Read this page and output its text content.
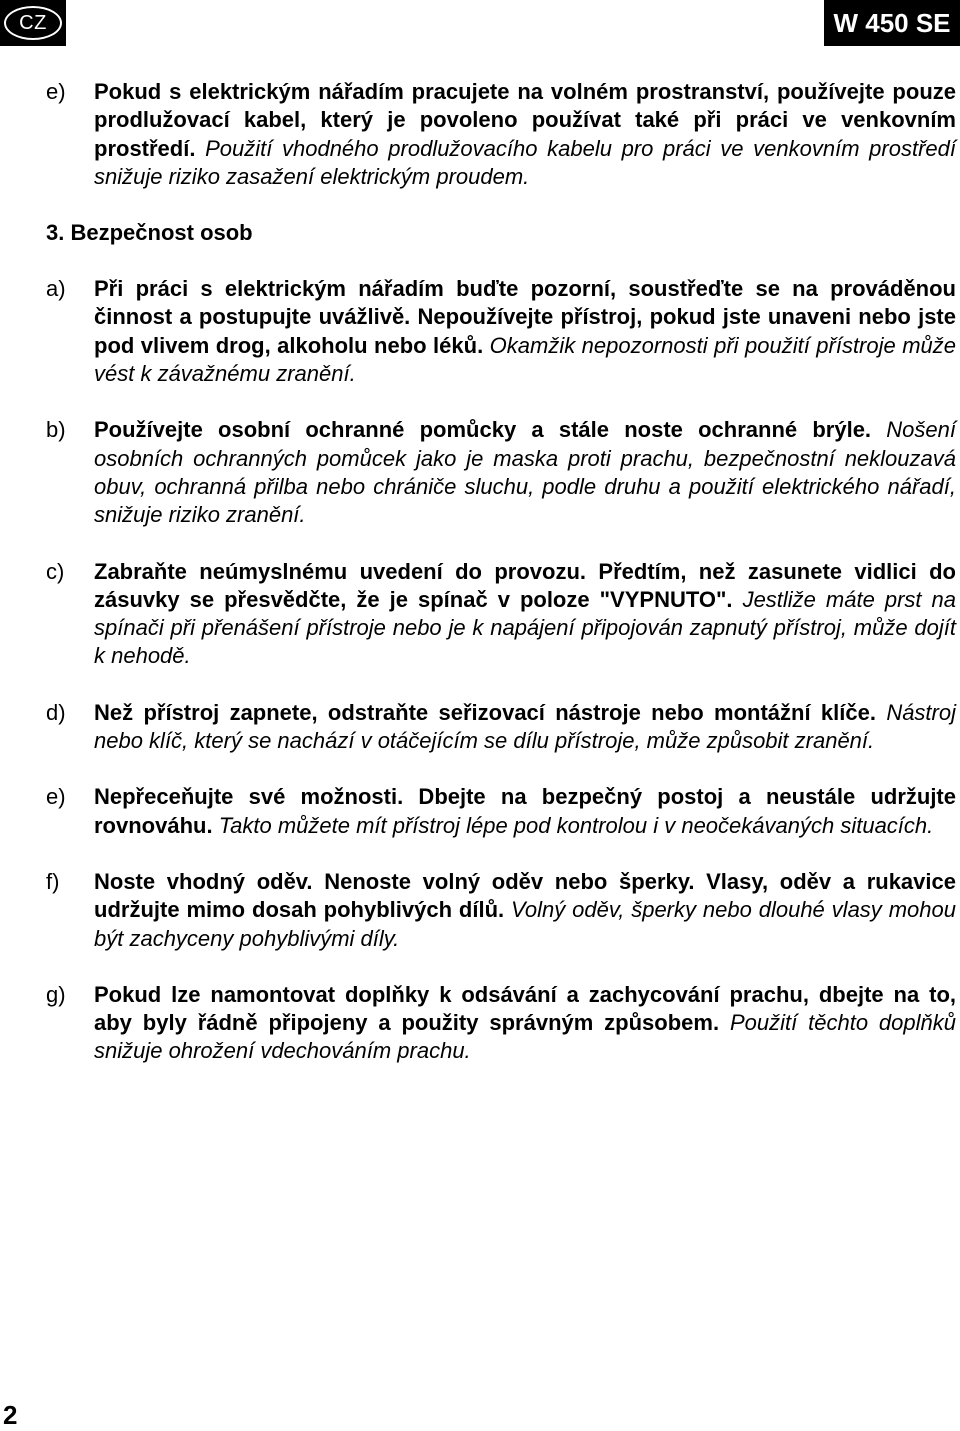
CZ	W 450 SE
e)	Pokud s elektrickým nářadím pracujete na volném prostranství, používejte pouze prodlužovací kabel, který je povoleno používat také při práci ve venkovním prostředí. Použití vhodného prodlužovacího kabelu pro práci ve venkovním prostředí snižuje riziko zasažení elektrickým proudem.
3. Bezpečnost osob
a)	Při práci s elektrickým nářadím buďte pozorní, soustřeďte se na prováděnou činnost a postupujte uvážlivě. Nepoužívejte přístroj, pokud jste unaveni nebo jste pod vlivem drog, alkoholu nebo léků. Okamžik nepozornosti při použití přístroje může vést k závažnému zranění.
b)	Používejte osobní ochranné pomůcky a stále noste ochranné brýle. Nošení osobních ochranných pomůcek jako je maska proti prachu, bezpečnostní neklouzavá obuv, ochranná přilba nebo chrániče sluchu, podle druhu a použití elektrického nářadí, snižuje riziko zranění.
c)	Zabraňte neúmyslnému uvedení do provozu. Předtím, než zasunete vidlici do zásuvky se přesvědčte, že je spínač v poloze "VYPNUTO". Jestliže máte prst na spínači při přenášení přístroje nebo je k napájení připojován zapnutý přístroj, může dojít k nehodě.
d)	Než přístroj zapnete, odstraňte seřizovací nástroje nebo montážní klíče. Nástroj nebo klíč, který se nachází v otáčejícím se dílu přístroje, může způsobit zranění.
e)	Nepřeceňujte své možnosti. Dbejte na bezpečný postoj a neustále udržujte rovnováhu. Takto můžete mít přístroj lépe pod kontrolou i v neočekávaných situacích.
f)	Noste vhodný oděv. Nenoste volný oděv nebo šperky. Vlasy, oděv a rukavice udržujte mimo dosah pohyblivých dílů. Volný oděv, šperky nebo dlouhé vlasy mohou být zachyceny pohyblivými díly.
g)	Pokud lze namontovat doplňky k odsávání a zachycování prachu, dbejte na to, aby byly řádně připojeny a použity správným způsobem. Použití těchto doplňků snižuje ohrožení vdechováním prachu.
2
